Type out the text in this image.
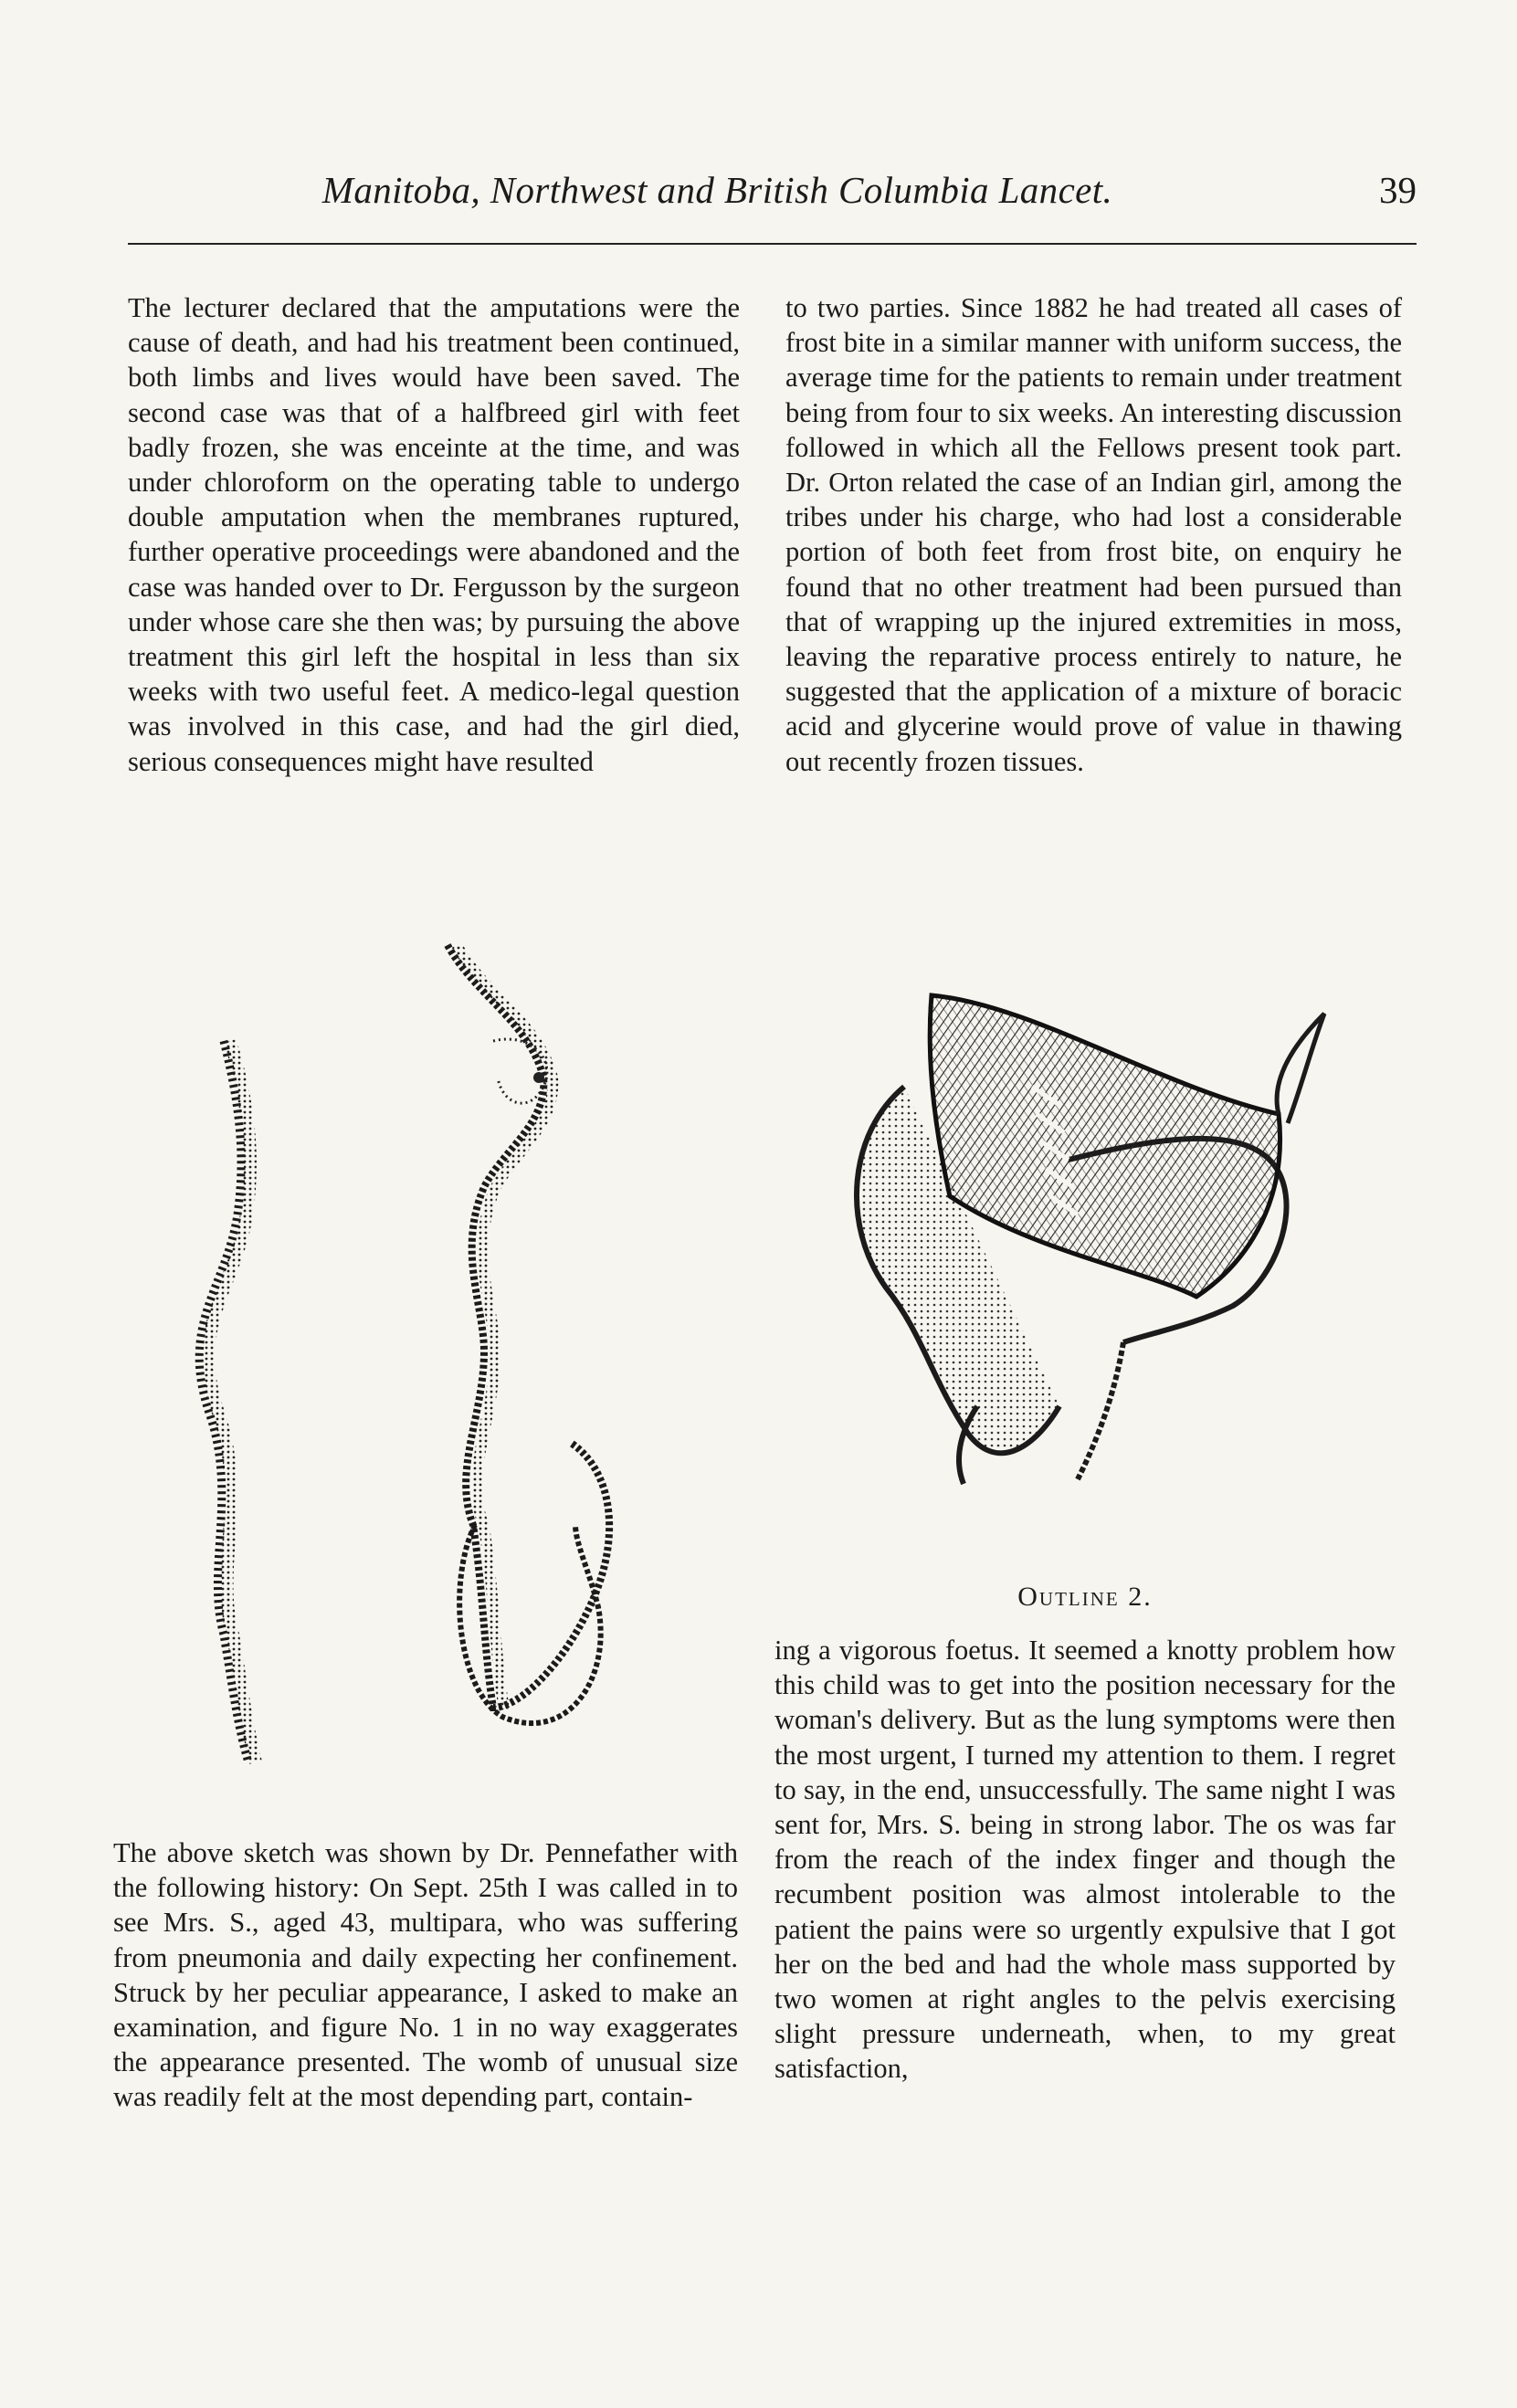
Manitoba, Northwest and British Columbia Lancet.	39

The lecturer declared that the amputations were the cause of death, and had his treatment been continued, both limbs and lives would have been saved. The second case was that of a halfbreed girl with feet badly frozen, she was enceinte at the time, and was under chloroform on the operating table to undergo double amputation when the membranes ruptured, further operative proceedings were abandoned and the case was handed over to Dr. Fergusson by the surgeon under whose care she then was; by pursuing the above treatment this girl left the hospital in less than six weeks with two useful feet. A medico-legal question was involved in this case, and had the girl died, serious consequences might have resulted

to two parties. Since 1882 he had treated all cases of frost bite in a similar manner with uniform success, the average time for the patients to remain under treatment being from four to six weeks. An interesting discussion followed in which all the Fellows present took part. Dr. Orton related the case of an Indian girl, among the tribes under his charge, who had lost a considerable portion of both feet from frost bite, on enquiry he found that no other treatment had been pursued than that of wrapping up the injured extremities in moss, leaving the reparative process entirely to nature, he suggested that the application of a mixture of boracic acid and glycerine would prove of value in thawing out recently frozen tissues.

Outline 2.

The above sketch was shown by Dr. Pennefather with the following history: On Sept. 25th I was called in to see Mrs. S., aged 43, multipara, who was suffering from pneumonia and daily expecting her confinement. Struck by her peculiar appearance, I asked to make an examination, and figure No. 1 in no way exaggerates the appearance presented. The womb of unusual size was readily felt at the most depending part, contain-

ing a vigorous foetus. It seemed a knotty problem how this child was to get into the position necessary for the woman's delivery. But as the lung symptoms were then the most urgent, I turned my attention to them. I regret to say, in the end, unsuccessfully. The same night I was sent for, Mrs. S. being in strong labor. The os was far from the reach of the index finger and though the recumbent position was almost intolerable to the patient the pains were so urgently expulsive that I got her on the bed and had the whole mass supported by two women at right angles to the pelvis exercising slight pressure underneath, when, to my great satisfaction,
